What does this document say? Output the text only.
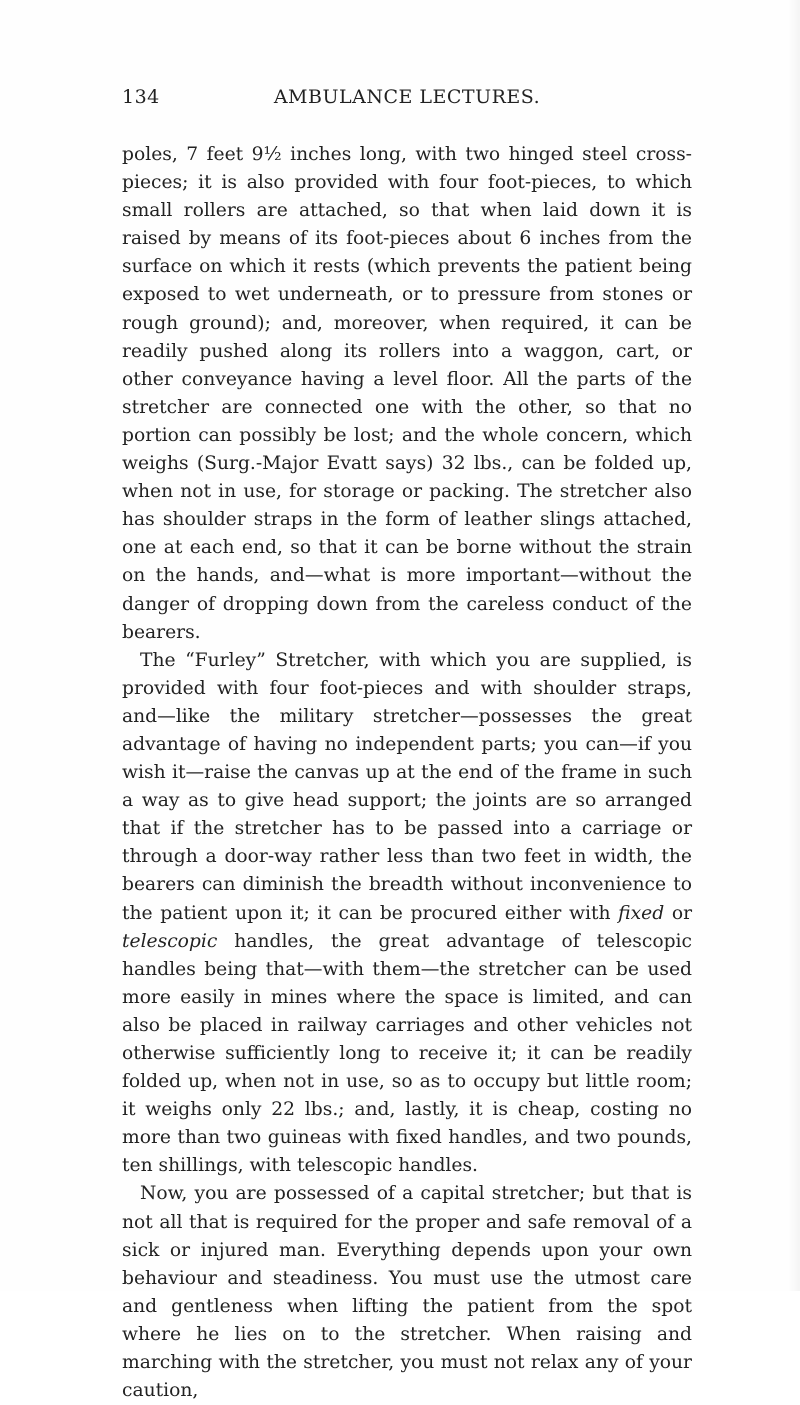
134	AMBULANCE LECTURES.

poles, 7 feet 9½ inches long, with two hinged steel cross-pieces; it is also provided with four foot-pieces, to which small rollers are attached, so that when laid down it is raised by means of its foot-pieces about 6 inches from the surface on which it rests (which prevents the patient being exposed to wet underneath, or to pressure from stones or rough ground); and, moreover, when required, it can be readily pushed along its rollers into a waggon, cart, or other conveyance having a level floor. All the parts of the stretcher are connected one with the other, so that no portion can possibly be lost; and the whole concern, which weighs (Surg.-Major Evatt says) 32 lbs., can be folded up, when not in use, for storage or packing. The stretcher also has shoulder straps in the form of leather slings attached, one at each end, so that it can be borne without the strain on the hands, and—what is more important—without the danger of dropping down from the careless conduct of the bearers.

The “Furley” Stretcher, with which you are supplied, is provided with four foot-pieces and with shoulder straps, and—like the military stretcher—possesses the great advantage of having no independent parts; you can—if you wish it—raise the canvas up at the end of the frame in such a way as to give head support; the joints are so arranged that if the stretcher has to be passed into a carriage or through a door-way rather less than two feet in width, the bearers can diminish the breadth without inconvenience to the patient upon it; it can be procured either with fixed or telescopic handles, the great advantage of telescopic handles being that—with them—the stretcher can be used more easily in mines where the space is limited, and can also be placed in railway carriages and other vehicles not otherwise sufficiently long to receive it; it can be readily folded up, when not in use, so as to occupy but little room; it weighs only 22 lbs.; and, lastly, it is cheap, costing no more than two guineas with fixed handles, and two pounds, ten shillings, with telescopic handles.

Now, you are possessed of a capital stretcher; but that is not all that is required for the proper and safe removal of a sick or injured man. Everything depends upon your own behaviour and steadiness. You must use the utmost care and gentleness when lifting the patient from the spot where he lies on to the stretcher. When raising and marching with the stretcher, you must not relax any of your caution,
